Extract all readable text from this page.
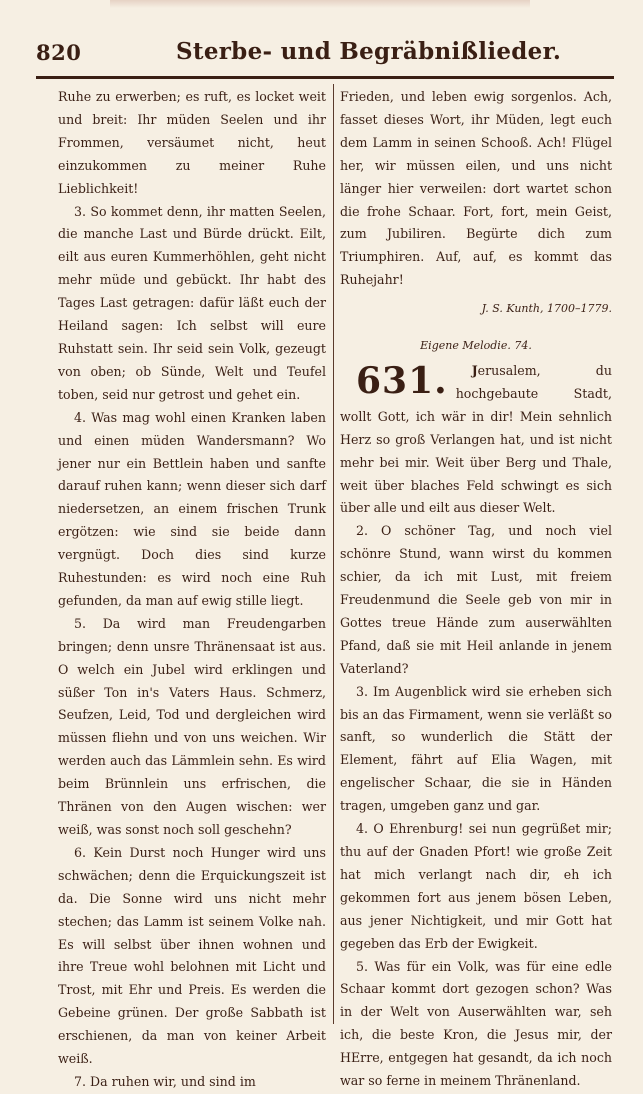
820	Sterbe- und Begräbnißlieder.

Ruhe zu erwerben; es ruft, es locket weit und breit: Ihr müden Seelen und ihr Frommen, versäumet nicht, heut einzukommen zu meiner Ruhe Lieblichkeit!

3. So kommet denn, ihr matten Seelen, die manche Last und Bürde drückt. Eilt, eilt aus euren Kummerhöhlen, geht nicht mehr müde und gebückt. Ihr habt des Tages Last getragen: dafür läßt euch der Heiland sagen: Ich selbst will eure Ruhstatt sein. Ihr seid sein Volk, gezeugt von oben; ob Sünde, Welt und Teufel toben, seid nur getrost und gehet ein.

4. Was mag wohl einen Kranken laben und einen müden Wandersmann? Wo jener nur ein Bettlein haben und sanfte darauf ruhen kann; wenn dieser sich darf niedersetzen, an einem frischen Trunk ergötzen: wie sind sie beide dann vergnügt. Doch dies sind kurze Ruhestunden: es wird noch eine Ruh gefunden, da man auf ewig stille liegt.

5. Da wird man Freudengarben bringen; denn unsre Thränensaat ist aus. O welch ein Jubel wird erklingen und süßer Ton in's Vaters Haus. Schmerz, Seufzen, Leid, Tod und dergleichen wird müssen fliehn und von uns weichen. Wir werden auch das Lämmlein sehn. Es wird beim Brünnlein uns erfrischen, die Thränen von den Augen wischen: wer weiß, was sonst noch soll geschehn?

6. Kein Durst noch Hunger wird uns schwächen; denn die Erquickungszeit ist da. Die Sonne wird uns nicht mehr stechen; das Lamm ist seinem Volke nah. Es will selbst über ihnen wohnen und ihre Treue wohl belohnen mit Licht und Trost, mit Ehr und Preis. Es werden die Gebeine grünen. Der große Sabbath ist erschienen, da man von keiner Arbeit weiß.

7. Da ruhen wir, und sind im

Frieden, und leben ewig sorgenlos. Ach, fasset dieses Wort, ihr Müden, legt euch dem Lamm in seinen Schooß. Ach! Flügel her, wir müssen eilen, und uns nicht länger hier verweilen: dort wartet schon die frohe Schaar. Fort, fort, mein Geist, zum Jubiliren. Begürte dich zum Triumphiren. Auf, auf, es kommt das Ruhejahr!

J. S. Kunth, 1700–1779.

Eigene Melodie. 74.

631. Jerusalem, du hochgebaute Stadt, wollt Gott, ich wär in dir! Mein sehnlich Herz so groß Verlangen hat, und ist nicht mehr bei mir. Weit über Berg und Thale, weit über blaches Feld schwingt es sich über alle und eilt aus dieser Welt.

2. O schöner Tag, und noch viel schönre Stund, wann wirst du kommen schier, da ich mit Lust, mit freiem Freudenmund die Seele geb von mir in Gottes treue Hände zum auserwählten Pfand, daß sie mit Heil anlande in jenem Vaterland?

3. Im Augenblick wird sie erheben sich bis an das Firmament, wenn sie verläßt so sanft, so wunderlich die Stätt der Element, fährt auf Elia Wagen, mit engelischer Schaar, die sie in Händen tragen, umgeben ganz und gar.

4. O Ehrenburg! sei nun gegrüßet mir; thu auf der Gnaden Pfort! wie große Zeit hat mich verlangt nach dir, eh ich gekommen fort aus jenem bösen Leben, aus jener Nichtigkeit, und mir Gott hat gegeben das Erb der Ewigkeit.

5. Was für ein Volk, was für eine edle Schaar kommt dort gezogen schon? Was in der Welt von Auserwählten war, seh ich, die beste Kron, die Jesus mir, der HErre, entgegen hat gesandt, da ich noch war so ferne in meinem Thränenland.
